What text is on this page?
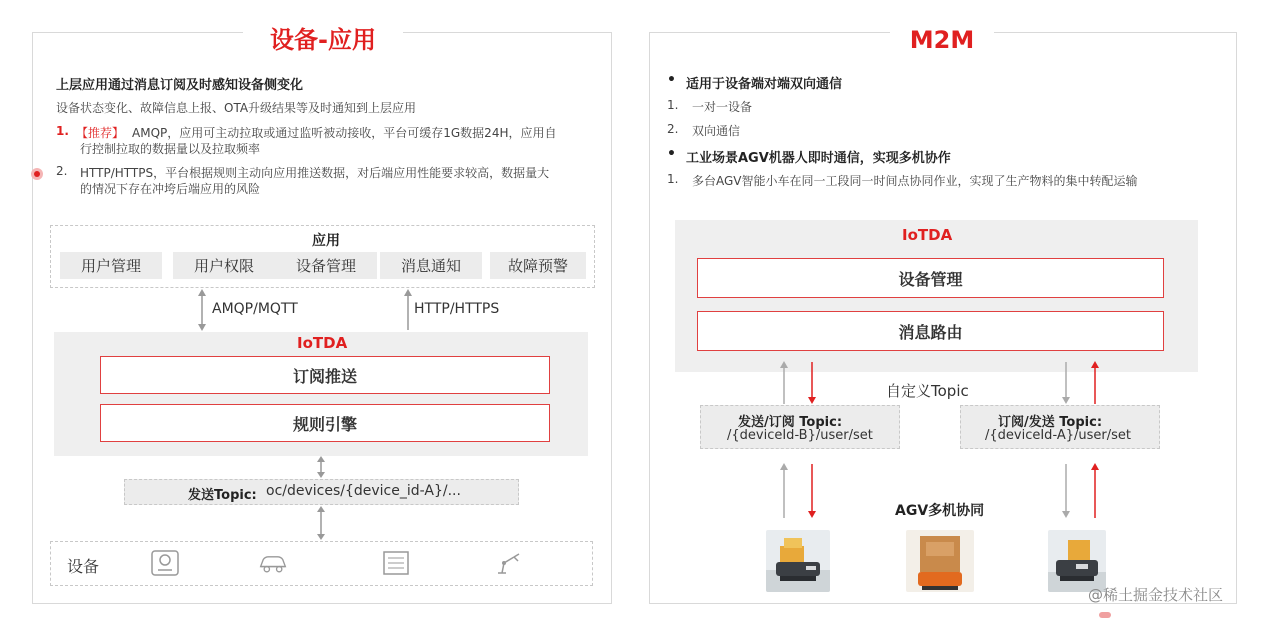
设备-应用
上层应用通过消息订阅及时感知设备侧变化
设备状态变化、故障信息上报、OTA升级结果等及时通知到上层应用
1. 【推荐】 AMQP，应用可主动拉取或通过监听被动接收，平台可缓存1G数据24H，应用自
行控制拉取的数据量以及拉取频率
2. HTTP/HTTPS，平台根据规则主动向应用推送数据，对后端应用性能要求较高，数据量大
的情况下存在冲垮后端应用的风险
应用
用户管理	用户权限	设备管理	消息通知	故障预警
AMQP/MQTT	HTTP/HTTPS
IoTDA
订阅推送
规则引擎
发送Topic: oc/devices/{device_id-A}/...
设备
M2M
• 适用于设备端对端双向通信
1. 一对一设备
2. 双向通信
• 工业场景AGV机器人即时通信，实现多机协作
1. 多台AGV智能小车在同一工段同一时间点协同作业，实现了生产物料的集中转配运输
IoTDA
设备管理
消息路由
自定义Topic
发送/订阅 Topic:
/{deviceId-B}/user/set
订阅/发送 Topic:
/{deviceId-A}/user/set
AGV多机协同
@稀土掘金技术社区
